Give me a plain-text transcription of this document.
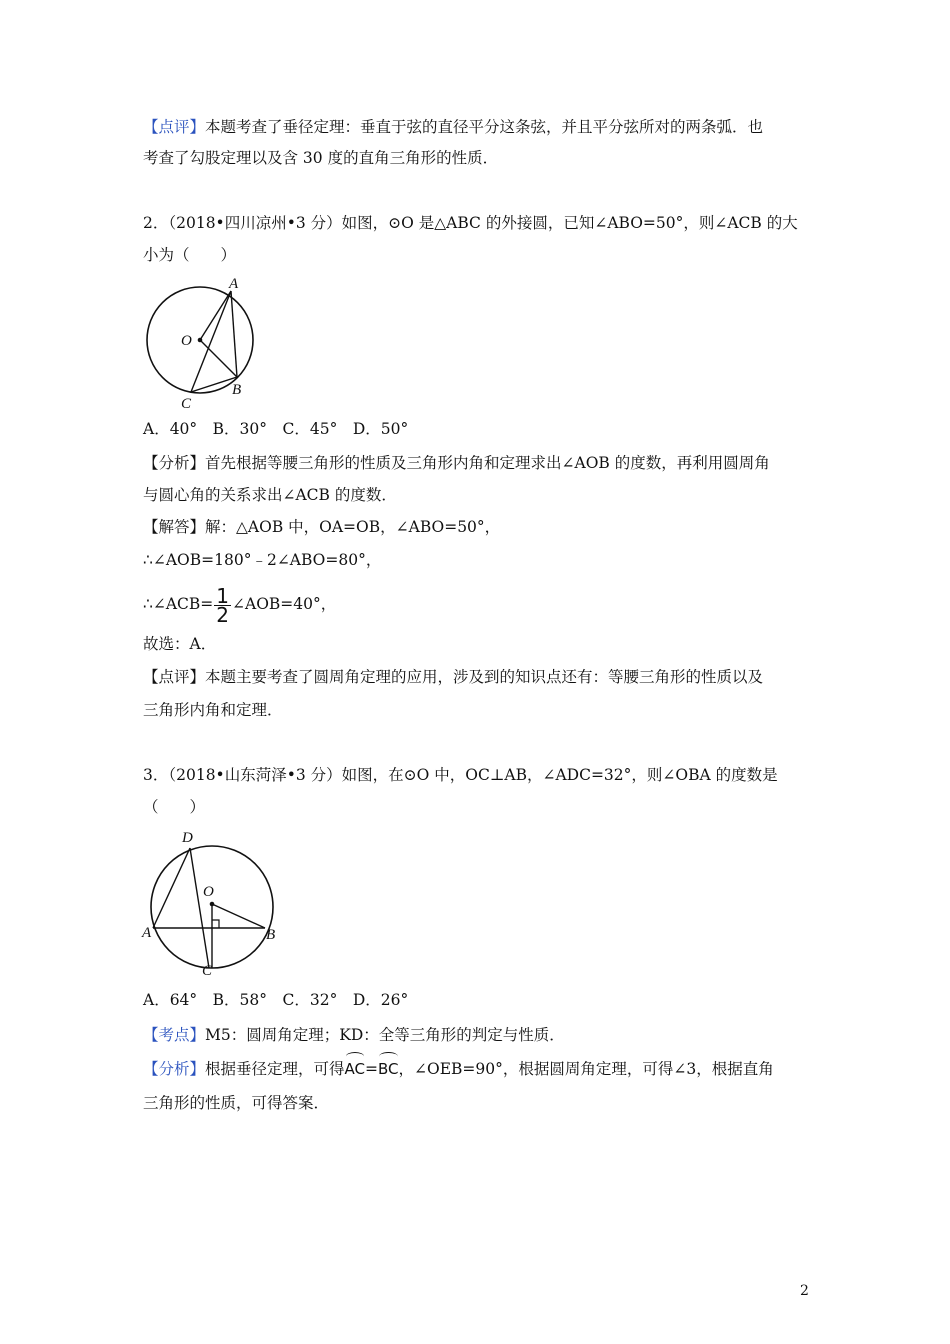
【点评】本题考查了垂径定理：垂直于弦的直径平分这条弦，并且平分弦所对的两条弧．也
考查了勾股定理以及含 30 度的直角三角形的性质．
2．（2018•四川凉州•3 分）如图，⊙O 是△ABC 的外接圆，已知∠ABO=50°，则∠ACB 的大
小为（　　）
A
O
B
C
A．40°　B．30°　C．45°　D．50°
【分析】首先根据等腰三角形的性质及三角形内角和定理求出∠AOB 的度数，再利用圆周角
与圆心角的关系求出∠ACB 的度数．
【解答】解：△AOB 中，OA=OB，∠ABO=50°，
∴∠AOB=180°﹣2∠ABO=80°，
∴∠ACB= $\frac{1}{2}$ ∠AOB=40°，
故选：A．
【点评】本题主要考查了圆周角定理的应用，涉及到的知识点还有：等腰三角形的性质以及
三角形内角和定理．
3．（2018•山东菏泽•3 分）如图，在⊙O 中，OC⊥AB，∠ADC=32°，则∠OBA 的度数是
（　　）
D
O
A	B
C
A．64°　B．58°　C．32°　D．26°
【考点】M5：圆周角定理；KD：全等三角形的判定与性质．
【分析】根据垂径定理，可得AC=BC，∠OEB=90°，根据圆周角定理，可得∠3，根据直角
三角形的性质，可得答案．
2
